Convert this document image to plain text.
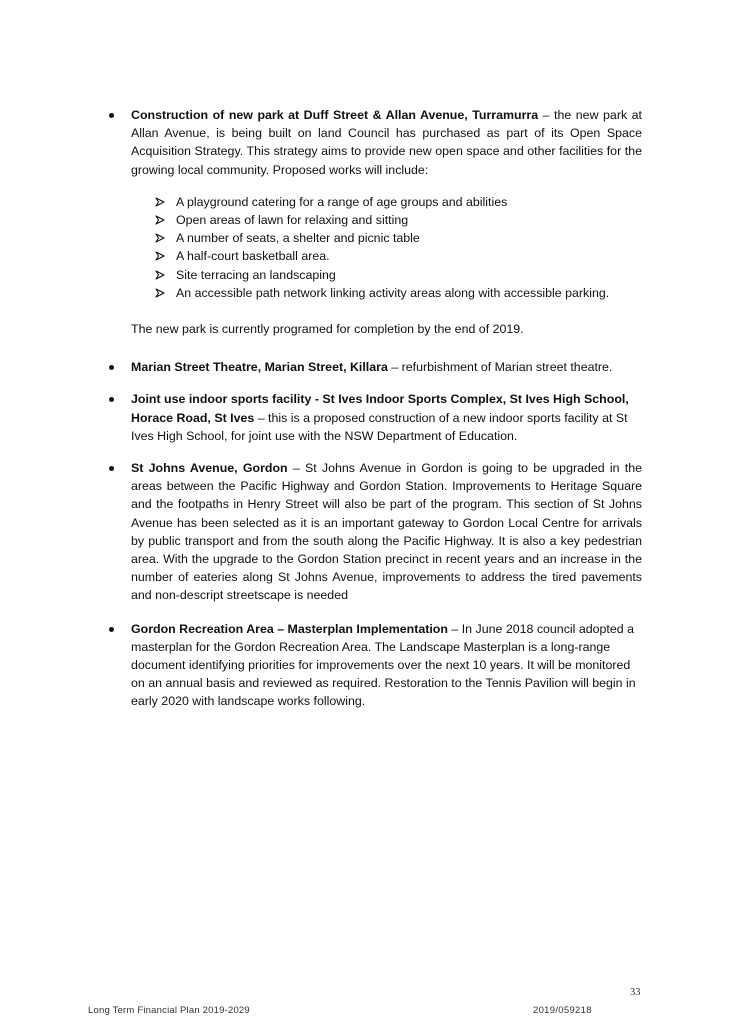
Construction of new park at Duff Street & Allan Avenue, Turramurra – the new park at Allan Avenue, is being built on land Council has purchased as part of its Open Space Acquisition Strategy. This strategy aims to provide new open space and other facilities for the growing local community. Proposed works will include:

A playground catering for a range of age groups and abilities
Open areas of lawn for relaxing and sitting
A number of seats, a shelter and picnic table
A half-court basketball area.
Site terracing an landscaping
An accessible path network linking activity areas along with accessible parking.

The new park is currently programed for completion by the end of 2019.

Marian Street Theatre, Marian Street, Killara – refurbishment of Marian street theatre.

Joint use indoor sports facility - St Ives Indoor Sports Complex, St Ives High School, Horace Road, St Ives – this is a proposed construction of a new indoor sports facility at St Ives High School, for joint use with the NSW Department of Education.

St Johns Avenue, Gordon – St Johns Avenue in Gordon is going to be upgraded in the areas between the Pacific Highway and Gordon Station. Improvements to Heritage Square and the footpaths in Henry Street will also be part of the program. This section of St Johns Avenue has been selected as it is an important gateway to Gordon Local Centre for arrivals by public transport and from the south along the Pacific Highway. It is also a key pedestrian area. With the upgrade to the Gordon Station precinct in recent years and an increase in the number of eateries along St Johns Avenue, improvements to address the tired pavements and non-descript streetscape is needed

Gordon Recreation Area – Masterplan Implementation – In June 2018 council adopted a masterplan for the Gordon Recreation Area. The Landscape Masterplan is a long-range document identifying priorities for improvements over the next 10 years. It will be monitored on an annual basis and reviewed as required. Restoration to the Tennis Pavilion will begin in early 2020 with landscape works following.

33
Long Term Financial Plan 2019-2029	2019/059218
